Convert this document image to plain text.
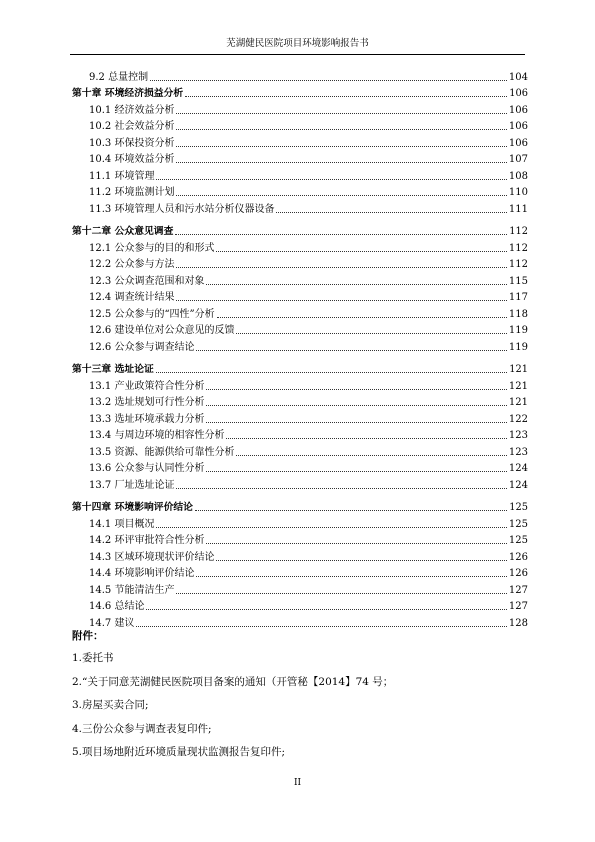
芜湖健民医院项目环境影响报告书
9.2 总量控制	104
第十章 环境经济损益分析	106
10.1 经济效益分析	106
10.2 社会效益分析	106
10.3 环保投资分析	106
10.4 环境效益分析	107
11.1 环境管理	108
11.2 环境监测计划	110
11.3 环境管理人员和污水站分析仪器设备	111
第十二章 公众意见调查	112
12.1 公众参与的目的和形式	112
12.2 公众参与方法	112
12.3 公众调查范围和对象	115
12.4 调查统计结果	117
12.5 公众参与的“四性”分析	118
12.6 建设单位对公众意见的反馈	119
12.6 公众参与调查结论	119
第十三章 选址论证	121
13.1 产业政策符合性分析	121
13.2 选址规划可行性分析	121
13.3 选址环境承载力分析	122
13.4 与周边环境的相容性分析	123
13.5 资源、能源供给可靠性分析	123
13.6 公众参与认同性分析	124
13.7 厂址选址论证	124
第十四章 环境影响评价结论	125
14.1 项目概况	125
14.2 环评审批符合性分析	125
14.3 区域环境现状评价结论	126
14.4 环境影响评价结论	126
14.5 节能清洁生产	127
14.6 总结论	127
14.7 建议	128
附件：
1.委托书
2.“关于同意芜湖健民医院项目备案的通知（开管秘【2014】74 号；
3.房屋买卖合同;
4.三份公众参与调查表复印件;
5.项目场地附近环境质量现状监测报告复印件;
II
